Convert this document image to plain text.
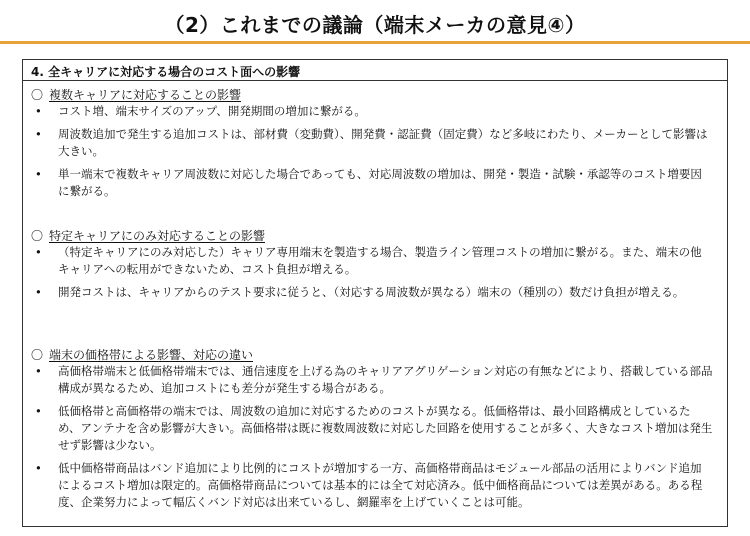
（2）これまでの議論（端末メーカの意見④）
4. 全キャリアに対応する場合のコスト面への影響
〇 複数キャリアに対応することの影響
• コスト増、端末サイズのアップ、開発期間の増加に繋がる。
• 周波数追加で発生する追加コストは、部材費（変動費）、開発費・認証費（固定費）など多岐にわたり、メーカーとして影響は大きい。
• 単一端末で複数キャリア周波数に対応した場合であっても、対応周波数の増加は、開発・製造・試験・承認等のコスト増要因に繋がる。
〇 特定キャリアにのみ対応することの影響
• （特定キャリアにのみ対応した）キャリア専用端末を製造する場合、製造ライン管理コストの増加に繋がる。また、端末の他キャリアへの転用ができないため、コスト負担が増える。
• 開発コストは、キャリアからのテスト要求に従うと、（対応する周波数が異なる）端末の（種別の）数だけ負担が増える。
〇 端末の価格帯による影響、対応の違い
• 高価格帯端末と低価格帯端末では、通信速度を上げる為のキャリアアグリゲーション対応の有無などにより、搭載している部品構成が異なるため、追加コストにも差分が発生する場合がある。
• 低価格帯と高価格帯の端末では、周波数の追加に対応するためのコストが異なる。低価格帯は、最小回路構成としているため、アンテナを含め影響が大きい。高価格帯は既に複数周波数に対応した回路を使用することが多く、大きなコスト増加は発生せず影響は少ない。
• 低中価格帯商品はバンド追加により比例的にコストが増加する一方、高価格帯商品はモジュール部品の活用によりバンド追加によるコスト増加は限定的。高価格帯商品については基本的には全て対応済み。低中価格商品については差異がある。ある程度、企業努力によって幅広くバンド対応は出来ているし、網羅率を上げていくことは可能。
